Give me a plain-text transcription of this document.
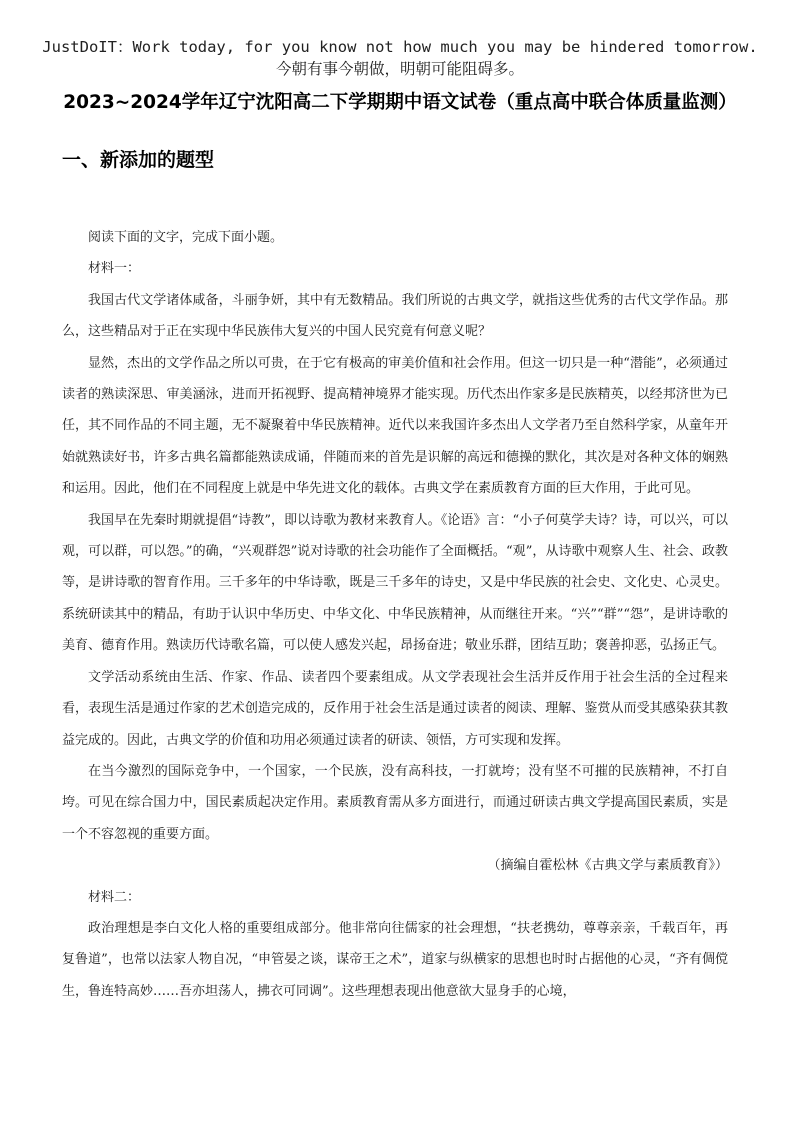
JustDoIT：Work today, for you know not how much you may be hindered tomorrow.今朝有事今朝做，明朝可能阻碍多。
2023~2024学年辽宁沈阳高二下学期期中语文试卷（重点高中联合体质量监测）
一、新添加的题型

阅读下面的文字，完成下面小题。

材料一：

我国古代文学诸体咸备，斗丽争妍，其中有无数精品。我们所说的古典文学，就指这些优秀的古代文学作品。那么，这些精品对于正在实现中华民族伟大复兴的中国人民究竟有何意义呢？

显然，杰出的文学作品之所以可贵，在于它有极高的审美价值和社会作用。但这一切只是一种“潜能”，必须通过读者的熟读深思、审美涵泳，进而开拓视野、提高精神境界才能实现。历代杰出作家多是民族精英，以经邦济世为已任，其不同作品的不同主题，无不凝聚着中华民族精神。近代以来我国许多杰出人文学者乃至自然科学家，从童年开始就熟读好书，许多古典名篇都能熟读成诵，伴随而来的首先是识解的高远和德操的默化，其次是对各种文体的娴熟和运用。因此，他们在不同程度上就是中华先进文化的载体。古典文学在素质教育方面的巨大作用，于此可见。

我国早在先秦时期就提倡“诗教”，即以诗歌为教材来教育人。《论语》言：“小子何莫学夫诗？诗，可以兴，可以观，可以群，可以怨。”的确，“兴观群怨”说对诗歌的社会功能作了全面概括。“观”，从诗歌中观察人生、社会、政教等，是讲诗歌的智育作用。三千多年的中华诗歌，既是三千多年的诗史，又是中华民族的社会史、文化史、心灵史。系统研读其中的精品，有助于认识中华历史、中华文化、中华民族精神，从而继往开来。“兴”“群”“怨”，是讲诗歌的美育、德育作用。熟读历代诗歌名篇，可以使人感发兴起，昂扬奋进；敬业乐群，团结互助；褒善抑恶，弘扬正气。

文学活动系统由生活、作家、作品、读者四个要素组成。从文学表现社会生活并反作用于社会生活的全过程来看，表现生活是通过作家的艺术创造完成的，反作用于社会生活是通过读者的阅读、理解、鉴赏从而受其感染获其教益完成的。因此，古典文学的价值和功用必须通过读者的研读、领悟，方可实现和发挥。

在当今激烈的国际竞争中，一个国家，一个民族，没有高科技，一打就垮；没有坚不可摧的民族精神，不打自垮。可见在综合国力中，国民素质起决定作用。素质教育需从多方面进行，而通过研读古典文学提高国民素质，实是一个不容忽视的重要方面。

（摘编自霍松林《古典文学与素质教育》）

材料二：

政治理想是李白文化人格的重要组成部分。他非常向往儒家的社会理想，“扶老携幼，尊尊亲亲，千载百年，再复鲁道”，也常以法家人物自况，“申管晏之谈，谋帝王之术”，道家与纵横家的思想也时时占据他的心灵，“齐有倜傥生，鲁连特高妙……吾亦坦荡人，拂衣可同调”。这些理想表现出他意欲大显身手的心境，
